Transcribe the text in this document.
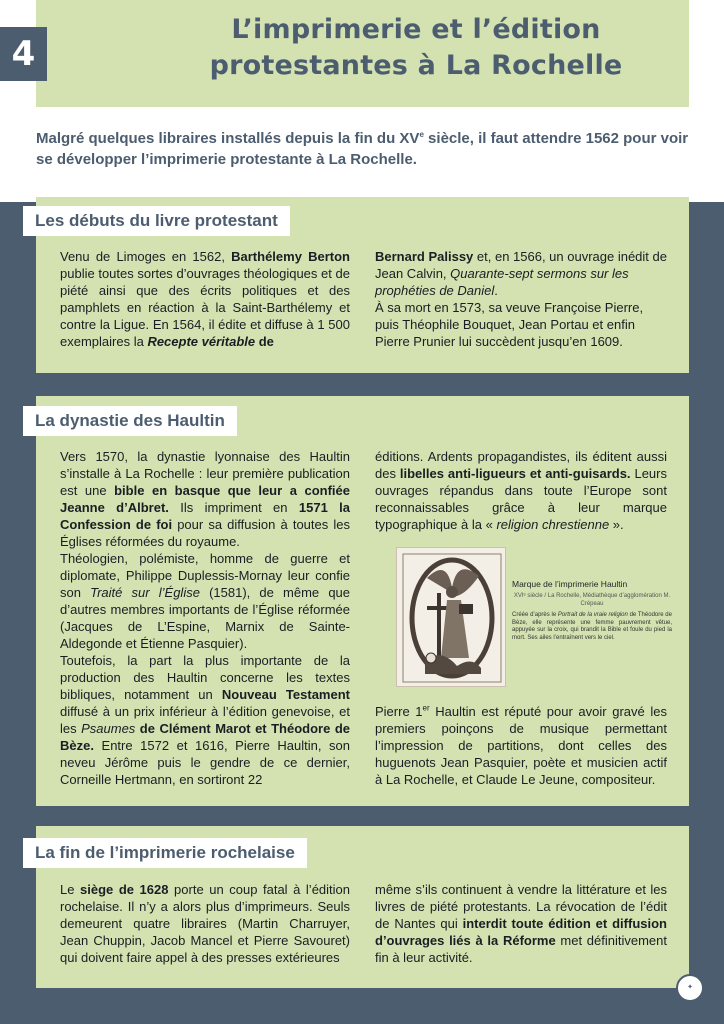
L’imprimerie et l’édition
protestantes à La Rochelle
4
Malgré quelques libraires installés depuis la fin du XVe siècle, il faut attendre 1562 pour voir se développer l’imprimerie protestante à La Rochelle.
Les débuts du livre protestant

Venu de Limoges en 1562, Barthélemy Berton publie toutes sortes d’ouvrages théologiques et de piété ainsi que des écrits politiques et des pamphlets en réaction à la Saint-Barthélemy et contre la Ligue. En 1564, il édite et diffuse à 1 500 exemplaires la Recepte véritable de

Bernard Palissy et, en 1566, un ouvrage inédit de Jean Calvin, Quarante-sept sermons sur les prophéties de Daniel.

À sa mort en 1573, sa veuve Françoise Pierre, puis Théophile Bouquet, Jean Portau et enfin Pierre Prunier lui succèdent jusqu’en 1609.

La dynastie des Haultin

Vers 1570, la dynastie lyonnaise des Haultin s’installe à La Rochelle : leur première publication est une bible en basque que leur a confiée Jeanne d’Albret. Ils impriment en 1571 la Confession de foi pour sa diffusion à toutes les Églises réformées du royaume.

Théologien, polémiste, homme de guerre et diplomate, Philippe Duplessis-Mornay leur confie son Traité sur l’Église (1581), de même que d’autres membres importants de l’Église réformée (Jacques de L’Espine, Marnix de Sainte-Aldegonde et Étienne Pasquier).

Toutefois, la part la plus importante de la production des Haultin concerne les textes bibliques, notamment un Nouveau Testament diffusé à un prix inférieur à l’édition genevoise, et les Psaumes de Clément Marot et Théodore de Bèze. Entre 1572 et 1616, Pierre Haultin, son neveu Jérôme puis le gendre de ce dernier, Corneille Hertmann, en sortiront 22

éditions. Ardents propagandistes, ils éditent aussi des libelles anti-ligueurs et anti-guisards. Leurs ouvrages répandus dans toute l’Europe sont reconnaissables grâce à leur marque typographique à la « religion chrestienne ».

Marque de l’imprimerie Haultin
XVIᵉ siècle / La Rochelle, Médiathèque d’agglomération M. Crépeau
Créée d’après le Portrait de la vraie religion de Théodore de Bèze, elle représente une femme pauvrement vêtue, appuyée sur la croix, qui brandit la Bible et foule du pied la mort. Ses ailes l’entraînent vers le ciel.

Pierre 1er Haultin est réputé pour avoir gravé les premiers poinçons de musique permettant l’impression de partitions, dont celles des huguenots Jean Pasquier, poète et musicien actif à La Rochelle, et Claude Le Jeune, compositeur.

La fin de l’imprimerie rochelaise

Le siège de 1628 porte un coup fatal à l’édition rochelaise. Il n’y a alors plus d’imprimeurs. Seuls demeurent quatre libraires (Martin Charruyer, Jean Chuppin, Jacob Mancel et Pierre Savouret) qui doivent faire appel à des presses extérieures

même s’ils continuent à vendre la littérature et les livres de piété protestants. La révocation de l’édit de Nantes qui interdit toute édition et diffusion d’ouvrages liés à la Réforme met définitivement fin à leur activité.

✦
